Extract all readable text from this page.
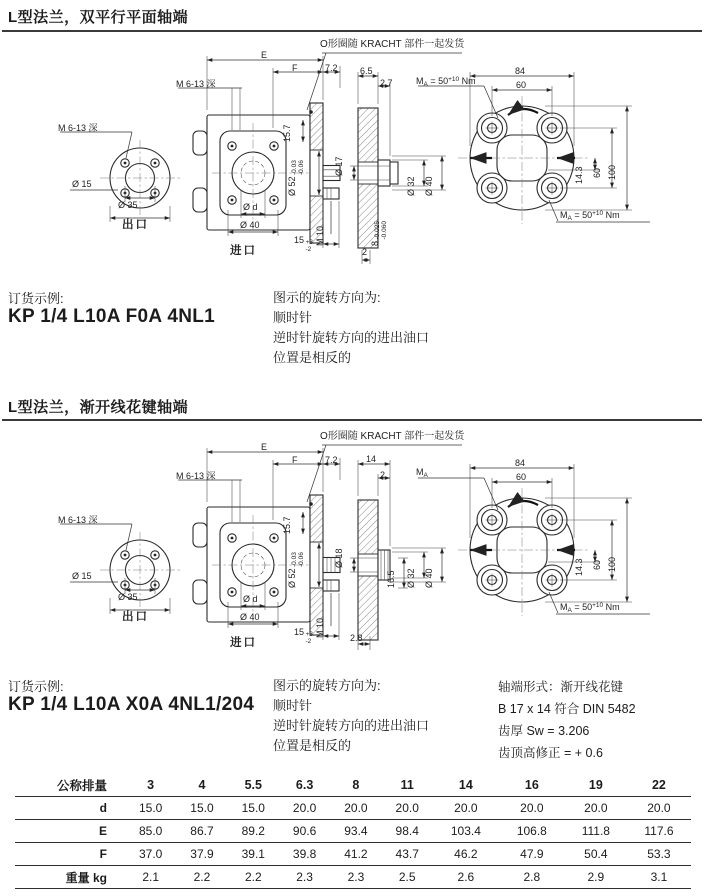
L型法兰，双平行平面轴端
O形圈随 KRACHT 部件一起发货
E
F	7.2
M 6-13 深
M 6-13 深
Ø 15
Ø 35
出口
15.7
Ø 52
-0.03 -0.06
Ø d
Ø 40
M 10
15 +3
-2
进口
6.5
2.7
Ø 17
Ø 32 Ø 40
8
-0.025 -0.060
2
84
60
14.3 60 100
$M_A = 50^{+10}$ Nm
$M_A = 50^{+10}$ Nm
订货示例:
KP 1/4 L10A F0A 4NL1
图示的旋转方向为:
顺时针
逆时针旋转方向的进出油口
位置是相反的
L型法兰，渐开线花键轴端
O形圈随 KRACHT 部件一起发货
E
F	7.2
M 6-13 深
M 6-13 深
Ø 15
Ø 35
出口
15.7
Ø 52
-0.03 -0.06
Ø d
Ø 40
M 10
15 +3
-2
进口
14
2
Ø 18
Ø 32 Ø 40
16.5
2.8
84
60
14.3 60 100
$M_A$
$M_A = 50^{+10}$ Nm
订货示例:
KP 1/4 L10A X0A 4NL1/204
图示的旋转方向为:
顺时针
逆时针旋转方向的进出油口
位置是相反的
轴端形式：渐开线花键
B 17 x 14 符合 DIN 5482
齿厚 Sw = 3.206
齿顶高修正 = + 0.6
公称排量	3	4	5.5	6.3	8	11	14	16	19	22
d	15.0	15.0	15.0	20.0	20.0	20.0	20.0	20.0	20.0	20.0
E	85.0	86.7	89.2	90.6	93.4	98.4	103.4	106.8	111.8	117.6
F	37.0	37.9	39.1	39.8	41.2	43.7	46.2	47.9	50.4	53.3
重量 kg	2.1	2.2	2.2	2.3	2.3	2.5	2.6	2.8	2.9	3.1
